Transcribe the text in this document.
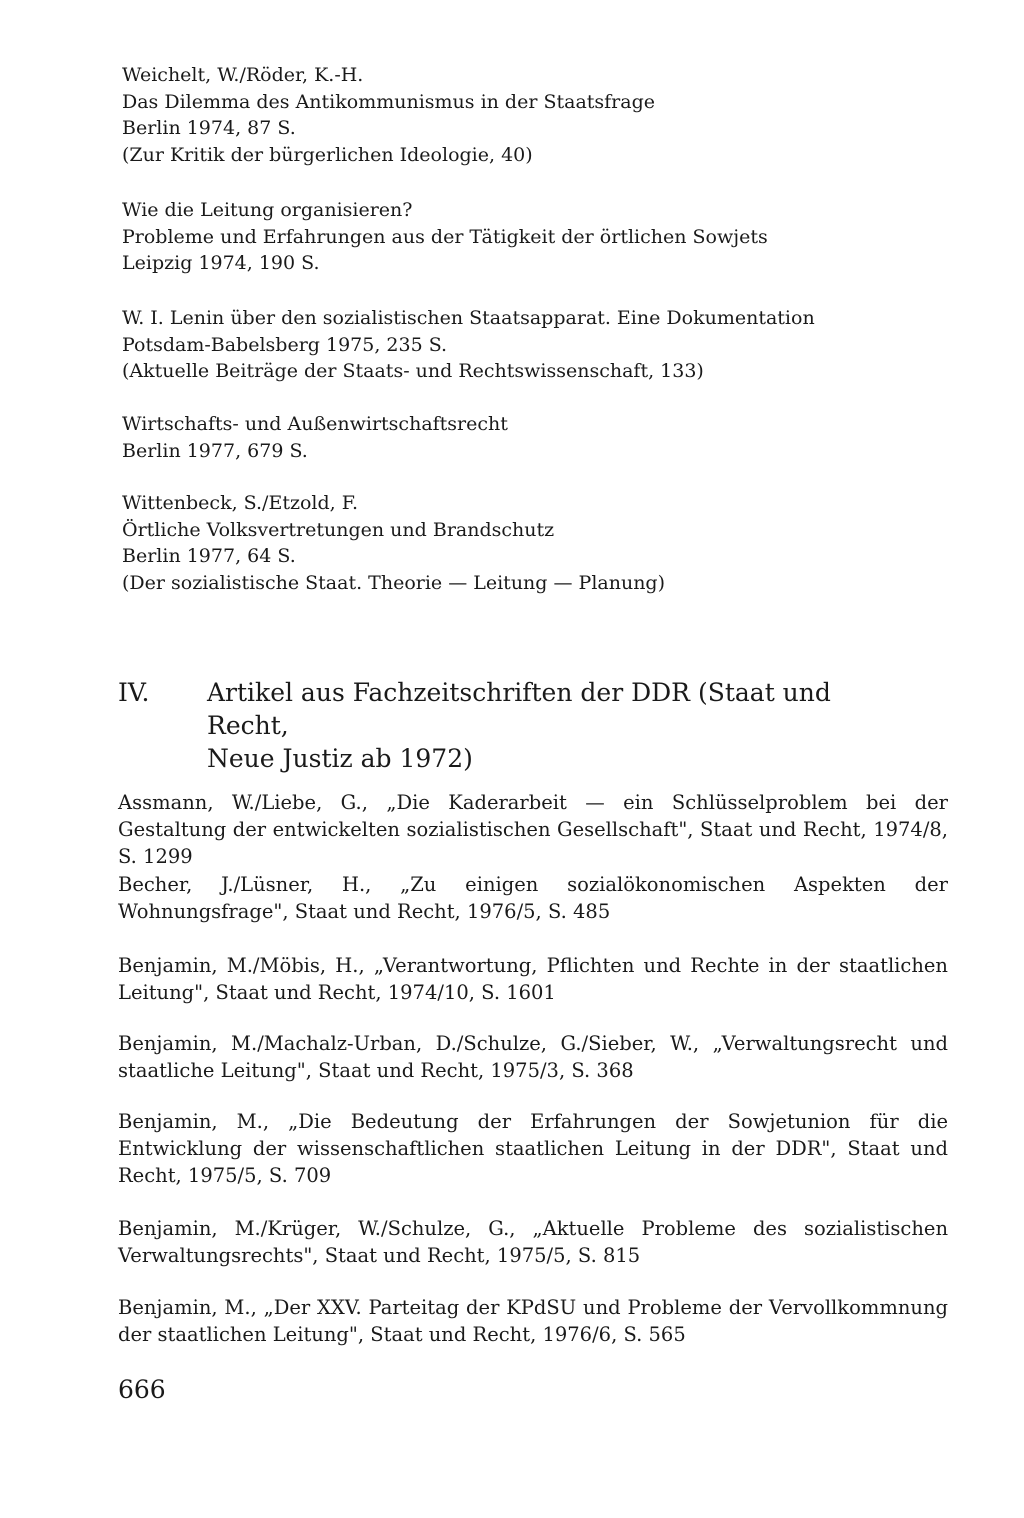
Weichelt, W./Röder, K.-H.
Das Dilemma des Antikommunismus in der Staatsfrage
Berlin 1974, 87 S.
(Zur Kritik der bürgerlichen Ideologie, 40)
Wie die Leitung organisieren?
Probleme und Erfahrungen aus der Tätigkeit der örtlichen Sowjets
Leipzig 1974, 190 S.
W. I. Lenin über den sozialistischen Staatsapparat. Eine Dokumentation
Potsdam-Babelsberg 1975, 235 S.
(Aktuelle Beiträge der Staats- und Rechtswissenschaft, 133)
Wirtschafts- und Außenwirtschaftsrecht
Berlin 1977, 679 S.
Wittenbeck, S./Etzold, F.
Örtliche Volksvertretungen und Brandschutz
Berlin 1977, 64 S.
(Der sozialistische Staat. Theorie — Leitung — Planung)
IV. Artikel aus Fachzeitschriften der DDR (Staat und Recht,
Neue Justiz ab 1972)
Assmann, W./Liebe, G., „Die Kaderarbeit — ein Schlüsselproblem bei der Gestaltung der entwickelten sozialistischen Gesellschaft", Staat und Recht, 1974/8, S. 1299
Becher, J./Lüsner, H., „Zu einigen sozialökonomischen Aspekten der Wohnungsfrage", Staat und Recht, 1976/5, S. 485
Benjamin, M./Möbis, H., „Verantwortung, Pflichten und Rechte in der staatlichen Leitung", Staat und Recht, 1974/10, S. 1601
Benjamin, M./Machalz-Urban, D./Schulze, G./Sieber, W., „Verwaltungsrecht und staatliche Leitung", Staat und Recht, 1975/3, S. 368
Benjamin, M., „Die Bedeutung der Erfahrungen der Sowjetunion für die Entwicklung der wissenschaftlichen staatlichen Leitung in der DDR", Staat und Recht, 1975/5, S. 709
Benjamin, M./Krüger, W./Schulze, G., „Aktuelle Probleme des sozialistischen Verwaltungsrechts", Staat und Recht, 1975/5, S. 815
Benjamin, M., „Der XXV. Parteitag der KPdSU und Probleme der Vervollkommnung der staatlichen Leitung", Staat und Recht, 1976/6, S. 565
666
